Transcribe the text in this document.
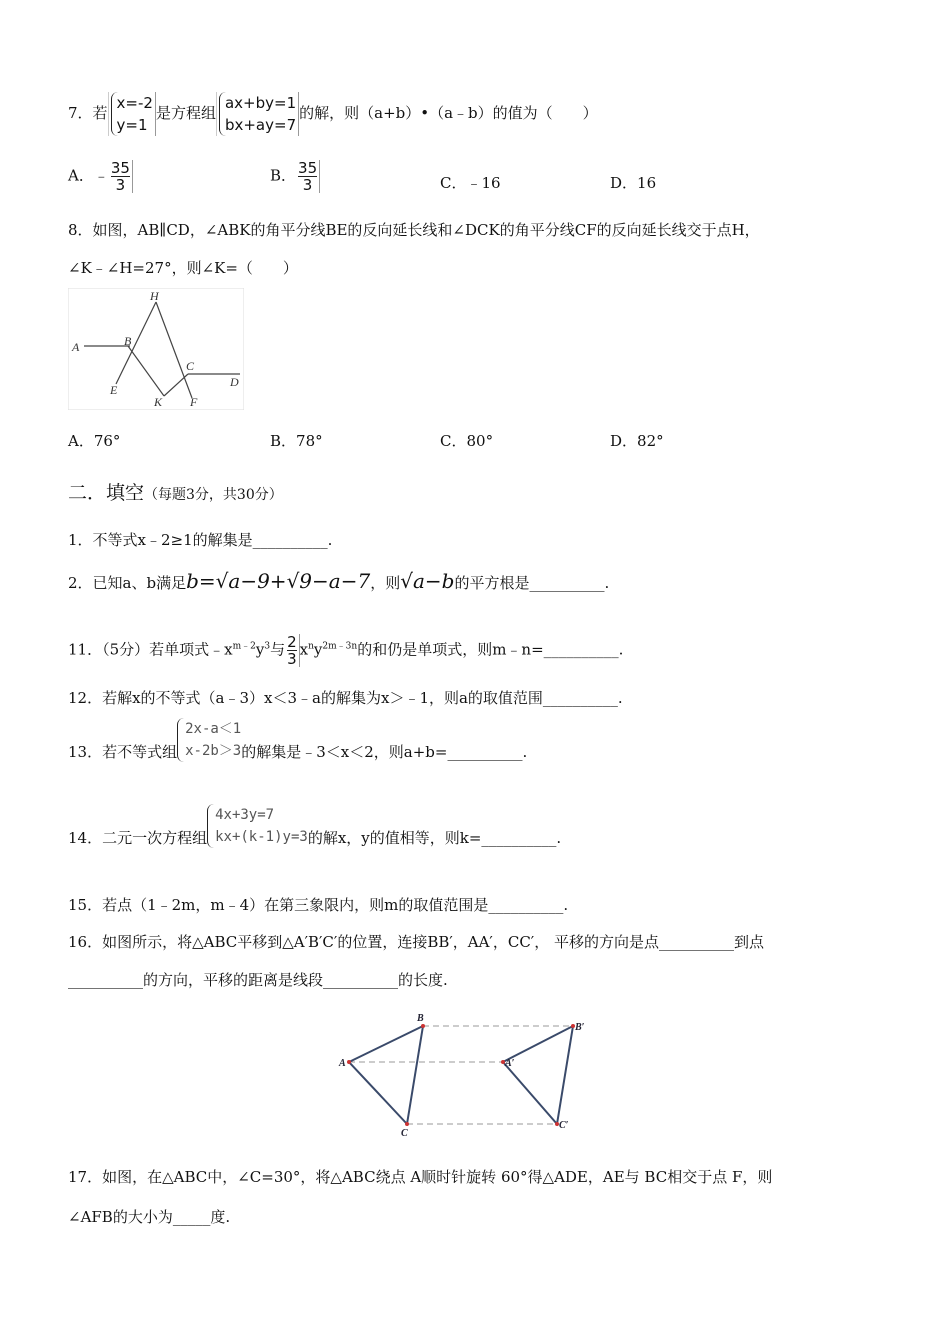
7．若
x=-2
y=1
是方程组
ax+by=1
bx+ay=7
的解，则（a+b）•（a﹣b）的值为（　　）
A．﹣ $\frac{35}{3}$	B． $\frac{35}{3}$	C．﹣16	D．16
8．如图，AB∥CD，∠ABK的角平分线BE的反向延长线和∠DCK的角平分线CF的反向延长线交于点H，
∠K﹣∠H=27°，则∠K=（　　）
H
A	B
C
D
E
K F
A．76°	B．78°	C．80°	D．82°
二．填空（每题3分，共30分）
1．不等式x﹣2≥1的解集是__________.
2．已知a、b满足b=√a−9+√9−a−7，则√a−b的平方根是__________.
11．（5分）若单项式$﹣x^{m﹣2}y^3$与 $\frac{2}{3} x^ny^{2m﹣3n}$的和仍是单项式，则m﹣n=__________.
12．若解x的不等式（a﹣3）x＜3﹣a的解集为x＞﹣1，则a的取值范围__________.
13．若不等式组
2x-a＜1
x-2b＞3 的解集是﹣3＜x＜2，则a+b=__________.
14．二元一次方程组
4x+3y=7
kx+(k-1)y=3 的解x，y的值相等，则k=__________.
15．若点（1﹣2m，m﹣4）在第三象限内，则m的取值范围是__________.
16．如图所示，将△ABC平移到△A′B′C′的位置，连接BB′，AA′，CC′， 平移的方向是点__________到点
__________的方向，平移的距离是线段__________的长度.
A
B
C
A′
B′
C′
17．如图，在△ABC中，∠C=30°，将△ABC绕点 A顺时针旋转 60°得△ADE，AE与 BC相交于点 F，则
∠AFB的大小为_____度.
